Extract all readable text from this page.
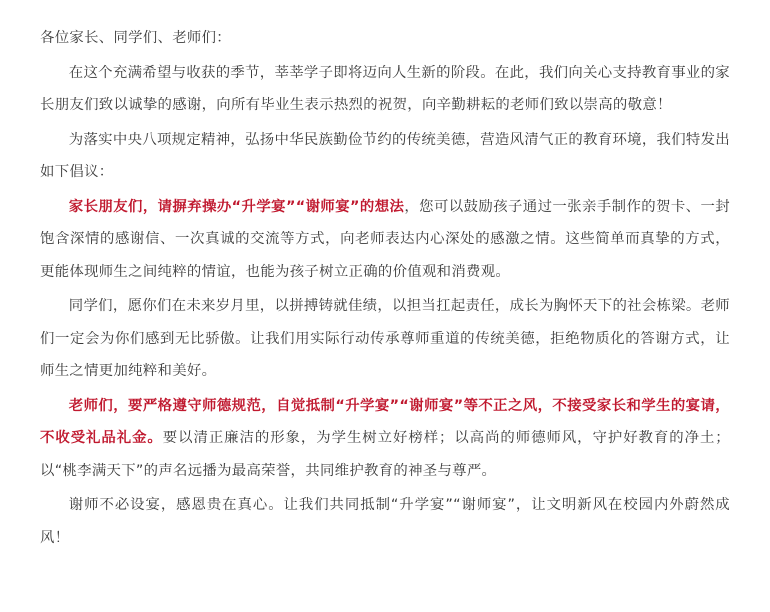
各位家长、同学们、老师们：

在这个充满希望与收获的季节，莘莘学子即将迈向人生新的阶段。在此，我们向关心支持教育事业的家长朋友们致以诚挚的感谢，向所有毕业生表示热烈的祝贺，向辛勤耕耘的老师们致以崇高的敬意！

为落实中央八项规定精神，弘扬中华民族勤俭节约的传统美德，营造风清气正的教育环境，我们特发出如下倡议：

家长朋友们，请摒弃操办“升学宴”“谢师宴”的想法，您可以鼓励孩子通过一张亲手制作的贺卡、一封饱含深情的感谢信、一次真诚的交流等方式，向老师表达内心深处的感激之情。这些简单而真挚的方式，更能体现师生之间纯粹的情谊，也能为孩子树立正确的价值观和消费观。

同学们，愿你们在未来岁月里，以拼搏铸就佳绩，以担当扛起责任，成长为胸怀天下的社会栋梁。老师们一定会为你们感到无比骄傲。让我们用实际行动传承尊师重道的传统美德，拒绝物质化的答谢方式，让师生之情更加纯粹和美好。

老师们，要严格遵守师德规范，自觉抵制“升学宴”“谢师宴”等不正之风，不接受家长和学生的宴请，不收受礼品礼金。要以清正廉洁的形象，为学生树立好榜样；以高尚的师德师风，守护好教育的净土；以“桃李满天下”的声名远播为最高荣誉，共同维护教育的神圣与尊严。

谢师不必设宴，感恩贵在真心。让我们共同抵制“升学宴”“谢师宴”，让文明新风在校园内外蔚然成风！
